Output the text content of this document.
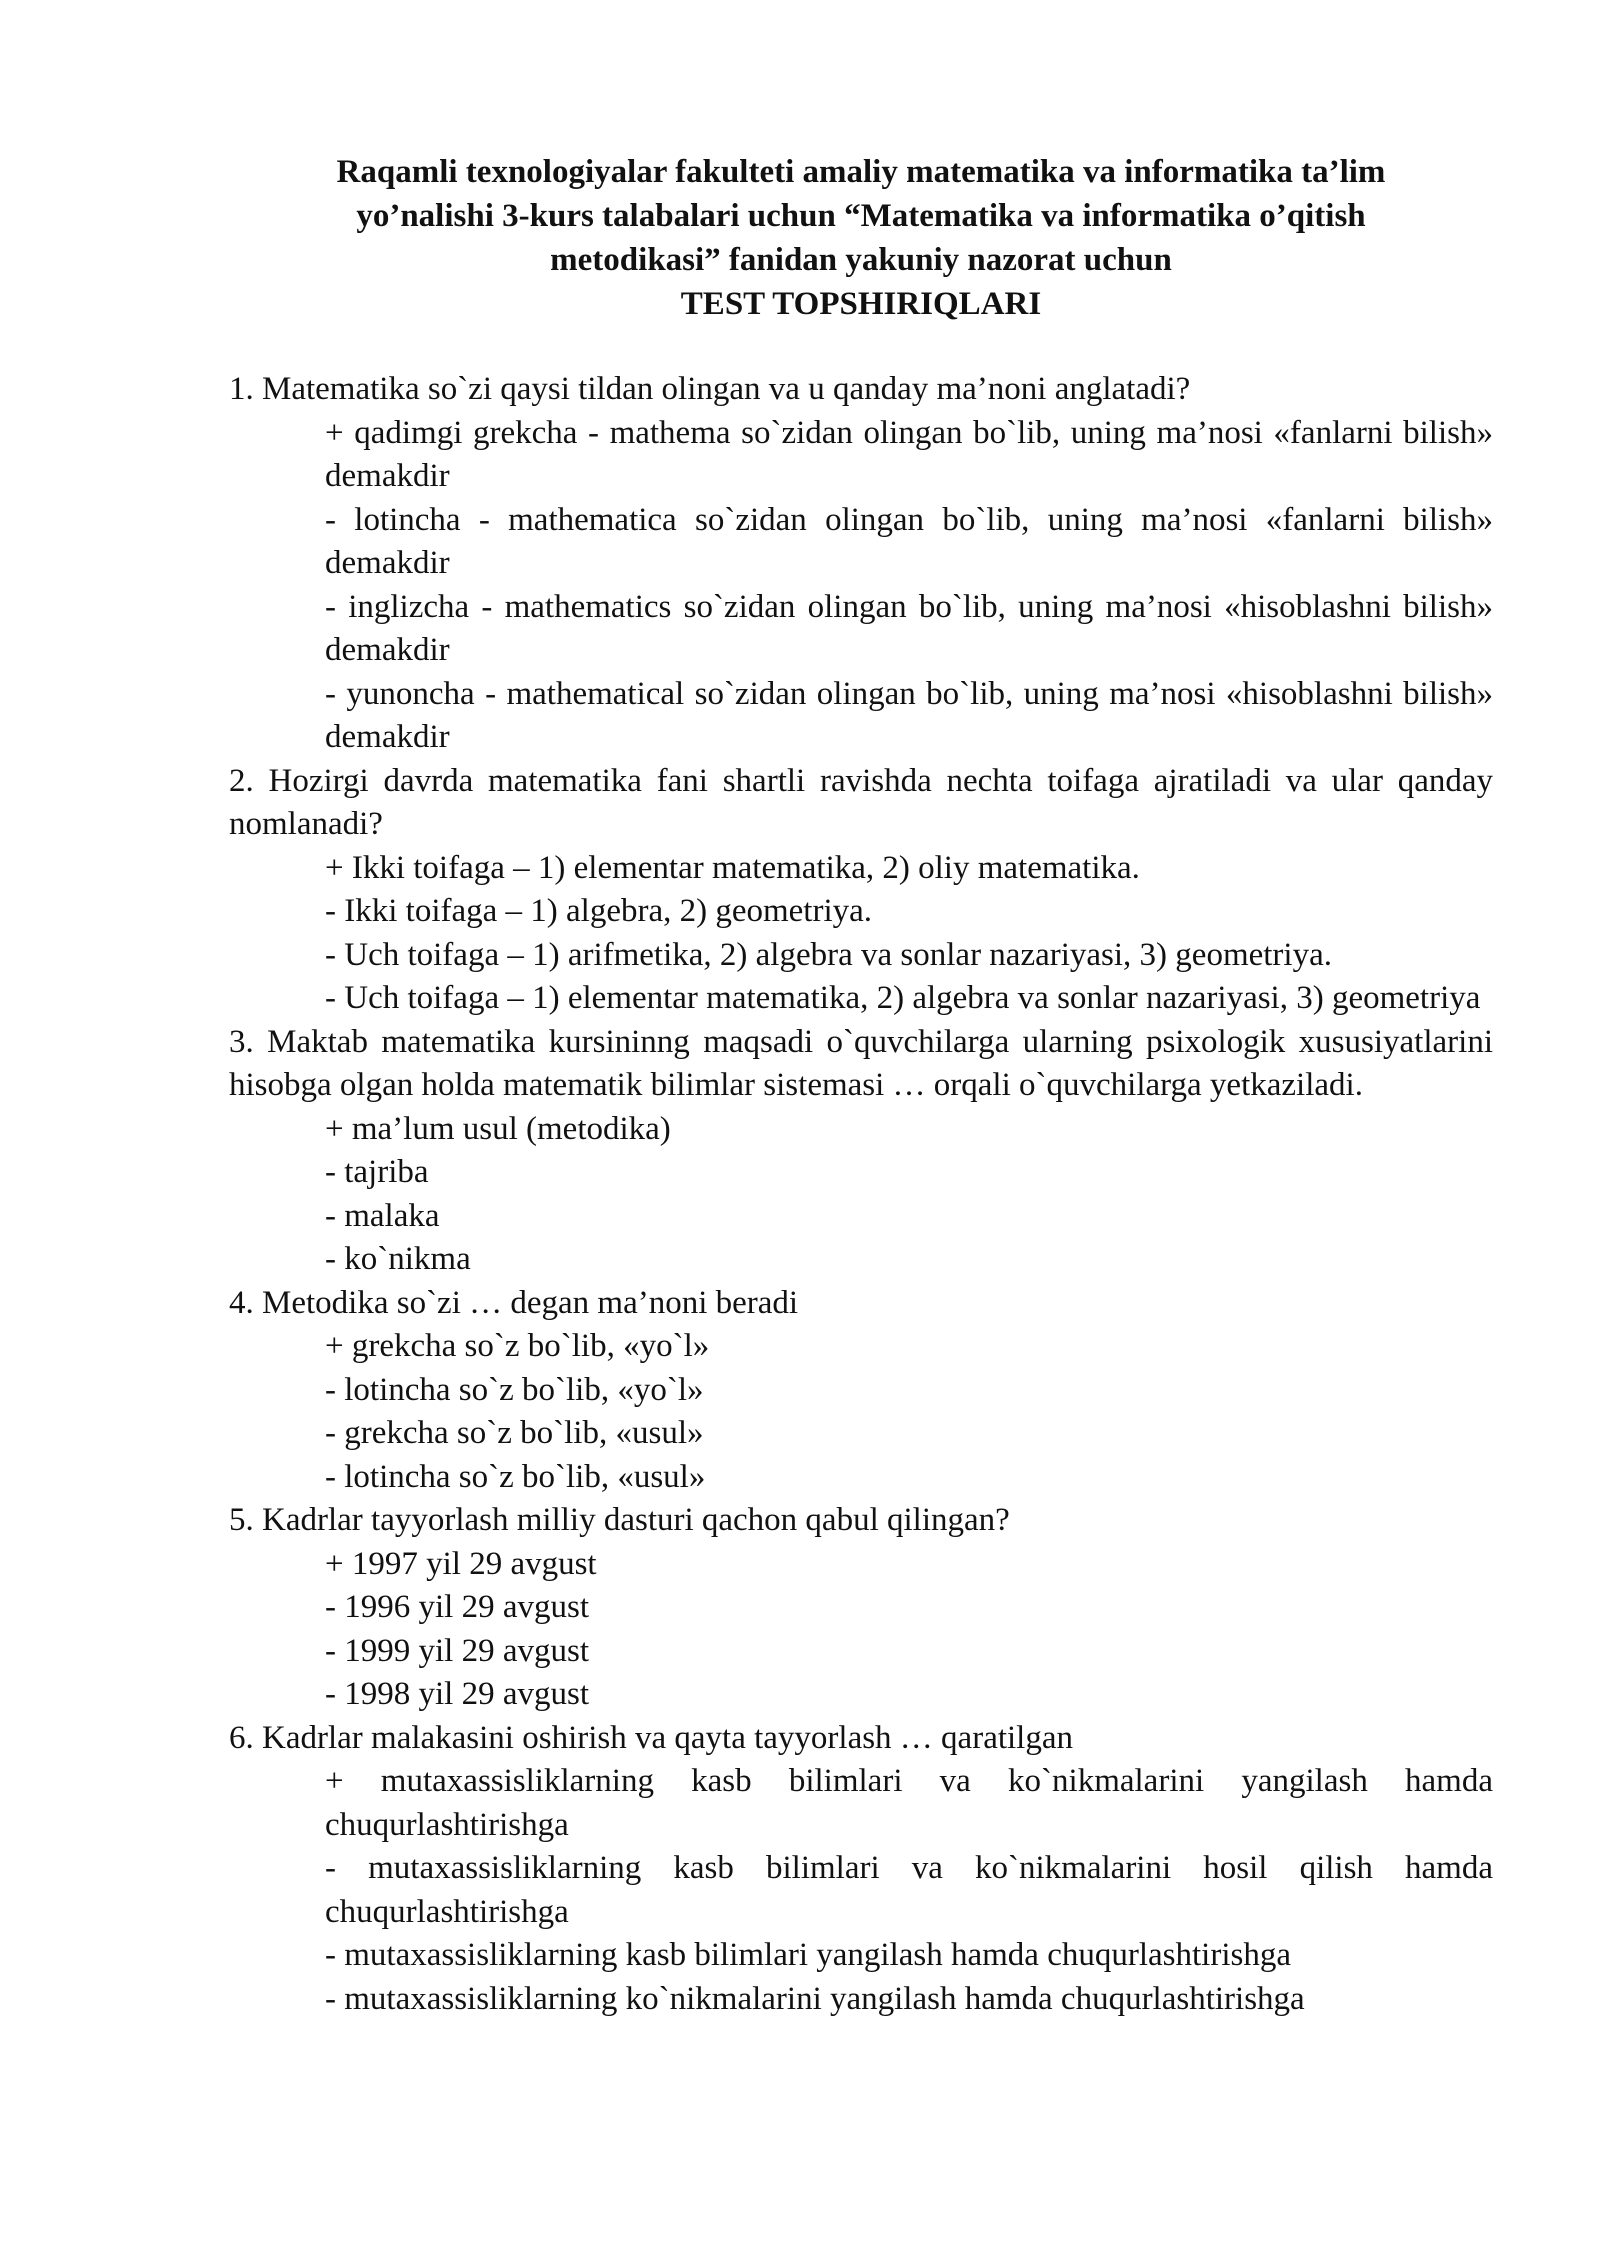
Raqamli texnologiyalar fakulteti amaliy matematika va informatika ta’lim
yo’nalishi 3-kurs talabalari uchun “Matematika va informatika o’qitish
metodikasi” fanidan yakuniy nazorat uchun
TEST TOPSHIRIQLARI

1. Matematika so`zi qaysi tildan olingan va u qanday ma’noni anglatadi?

+ qadimgi grekcha - mathema so`zidan olingan bo`lib, uning ma’nosi «fanlarni bilish» demakdir

- lotincha - mathematica so`zidan olingan bo`lib, uning ma’nosi «fanlarni bilish» demakdir

- inglizcha - mathematics so`zidan olingan bo`lib, uning ma’nosi «hisoblashni bilish» demakdir

- yunoncha - mathematical so`zidan olingan bo`lib, uning ma’nosi «hisoblashni bilish» demakdir

2. Hozirgi davrda matematika fani shartli ravishda nechta toifaga ajratiladi va ular qanday nomlanadi?

+ Ikki toifaga – 1) elementar matematika, 2) oliy matematika.

- Ikki toifaga – 1) algebra, 2) geometriya.

- Uch toifaga – 1) arifmetika, 2) algebra va sonlar nazariyasi, 3) geometriya.

- Uch toifaga – 1) elementar matematika, 2) algebra va sonlar nazariyasi, 3) geometriya

3. Maktab matematika kursininng maqsadi o`quvchilarga ularning psixologik xususiyatlarini hisobga olgan holda matematik bilimlar sistemasi … orqali o`quvchilarga yetkaziladi.

+ ma’lum usul (metodika)

- tajriba

- malaka

- ko`nikma

4. Metodika so`zi … degan ma’noni beradi

+ grekcha so`z bo`lib, «yo`l»

- lotincha so`z bo`lib, «yo`l»

- grekcha so`z bo`lib, «usul»

- lotincha so`z bo`lib, «usul»

5. Kadrlar tayyorlash milliy dasturi qachon qabul qilingan?

+ 1997 yil 29 avgust

- 1996 yil 29 avgust

- 1999 yil 29 avgust

- 1998 yil 29 avgust

6. Kadrlar malakasini oshirish va qayta tayyorlash … qaratilgan

+ mutaxassisliklarning kasb bilimlari va ko`nikmalarini yangilash hamda chuqurlashtirishga

- mutaxassisliklarning kasb bilimlari va ko`nikmalarini hosil qilish hamda chuqurlashtirishga

- mutaxassisliklarning kasb bilimlari yangilash hamda chuqurlashtirishga

- mutaxassisliklarning ko`nikmalarini yangilash hamda chuqurlashtirishga
